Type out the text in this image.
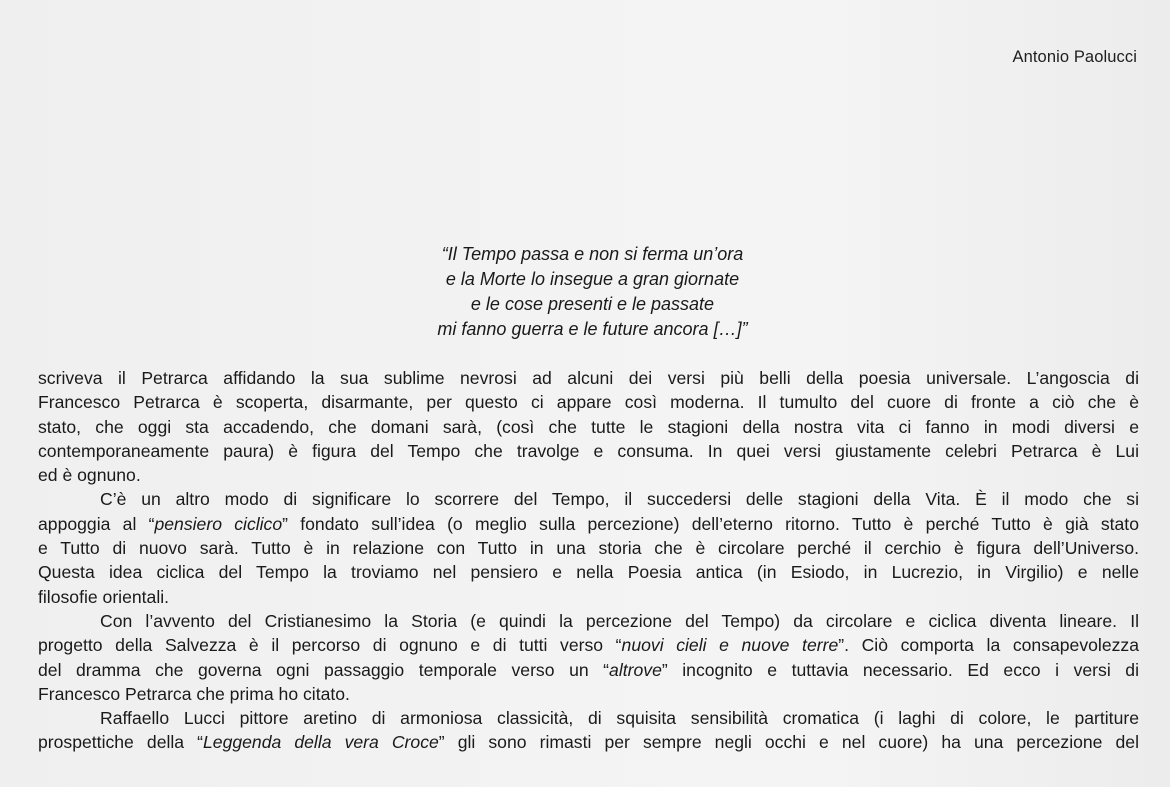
Antonio Paolucci
“Il Tempo passa e non si ferma un’ora
e la Morte lo insegue a gran giornate
e le cose presenti e le passate
mi fanno guerra e le future ancora […]”
scriveva il Petrarca affidando la sua sublime nevrosi ad alcuni dei versi più belli della poesia universale. L’angoscia di
Francesco Petrarca è scoperta, disarmante, per questo ci appare così moderna. Il tumulto del cuore di fronte a ciò che è
stato, che oggi sta accadendo, che domani sarà, (così che tutte le stagioni della nostra vita ci fanno in modi diversi e
contemporaneamente paura) è figura del Tempo che travolge e consuma. In quei versi giustamente celebri Petrarca è Lui
ed è ognuno.
C’è un altro modo di significare lo scorrere del Tempo, il succedersi delle stagioni della Vita. È il modo che si
appoggia al “pensiero ciclico” fondato sull’idea (o meglio sulla percezione) dell’eterno ritorno. Tutto è perché Tutto è già stato
e Tutto di nuovo sarà. Tutto è in relazione con Tutto in una storia che è circolare perché il cerchio è figura dell’Universo.
Questa idea ciclica del Tempo la troviamo nel pensiero e nella Poesia antica (in Esiodo, in Lucrezio, in Virgilio) e nelle
filosofie orientali.
Con l’avvento del Cristianesimo la Storia (e quindi la percezione del Tempo) da circolare e ciclica diventa lineare. Il
progetto della Salvezza è il percorso di ognuno e di tutti verso “nuovi cieli e nuove terre”. Ciò comporta la consapevolezza
del dramma che governa ogni passaggio temporale verso un “altrove” incognito e tuttavia necessario. Ed ecco i versi di
Francesco Petrarca che prima ho citato.
Raffaello Lucci pittore aretino di armoniosa classicità, di squisita sensibilità cromatica (i laghi di colore, le partiture
prospettiche della “Leggenda della vera Croce” gli sono rimasti per sempre negli occhi e nel cuore) ha una percezione del
